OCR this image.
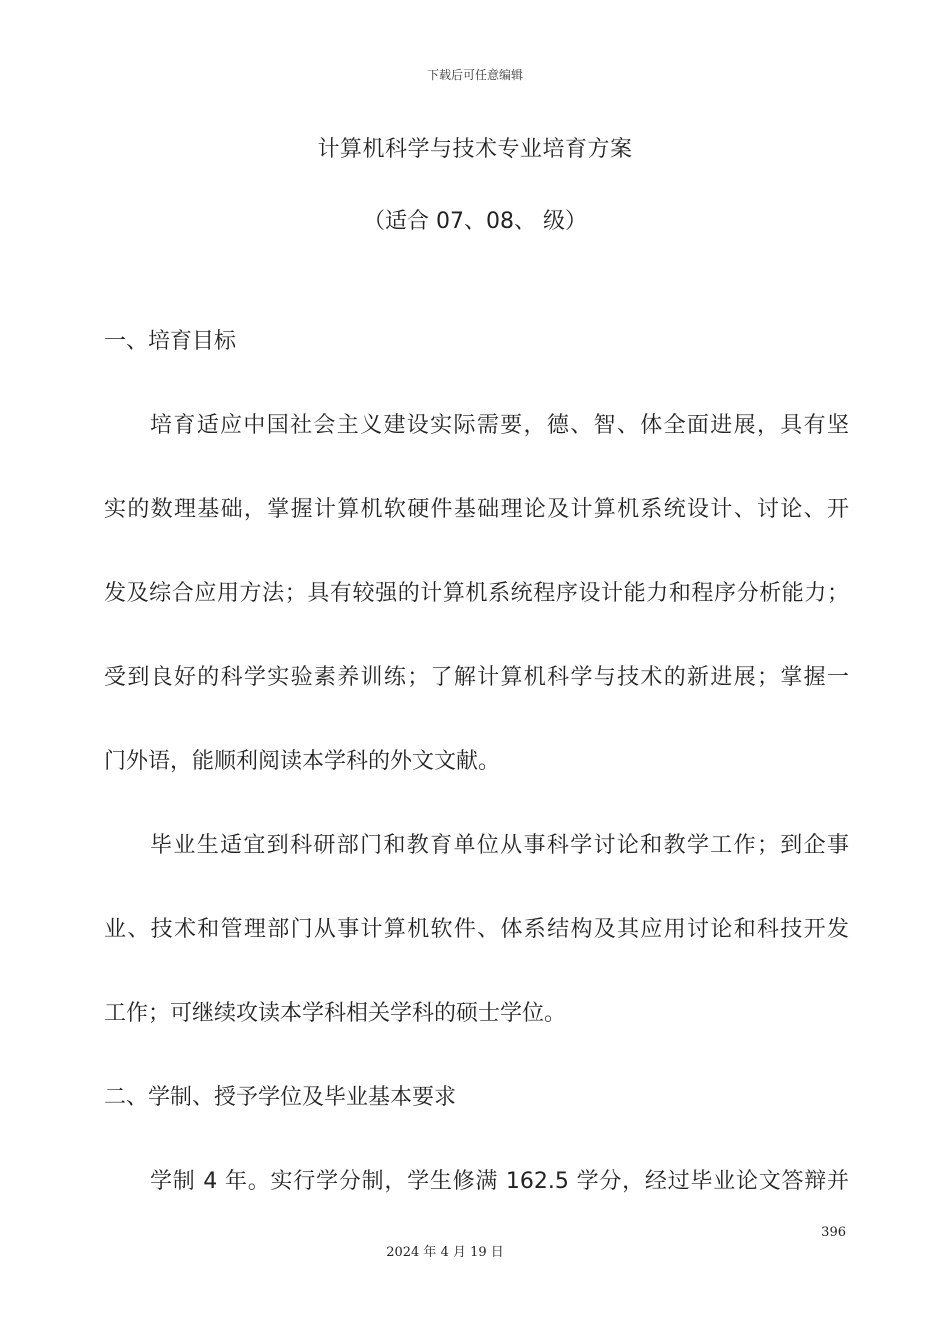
下载后可任意编辑
计算机科学与技术专业培育方案
（适合 07、08、 级）
一、培育目标
培育适应中国社会主义建设实际需要，德、智、体全面进展，具有坚
实的数理基础，掌握计算机软硬件基础理论及计算机系统设计、讨论、开
发及综合应用方法；具有较强的计算机系统程序设计能力和程序分析能力；
受到良好的科学实验素养训练；了解计算机科学与技术的新进展；掌握一
门外语，能顺利阅读本学科的外文文献。
毕业生适宜到科研部门和教育单位从事科学讨论和教学工作；到企事
业、技术和管理部门从事计算机软件、体系结构及其应用讨论和科技开发
工作；可继续攻读本学科相关学科的硕士学位。
二、学制、授予学位及毕业基本要求
学制 4 年。实行学分制，学生修满 162.5 学分，经过毕业论文答辩并
396
2024 年 4 月 19 日
